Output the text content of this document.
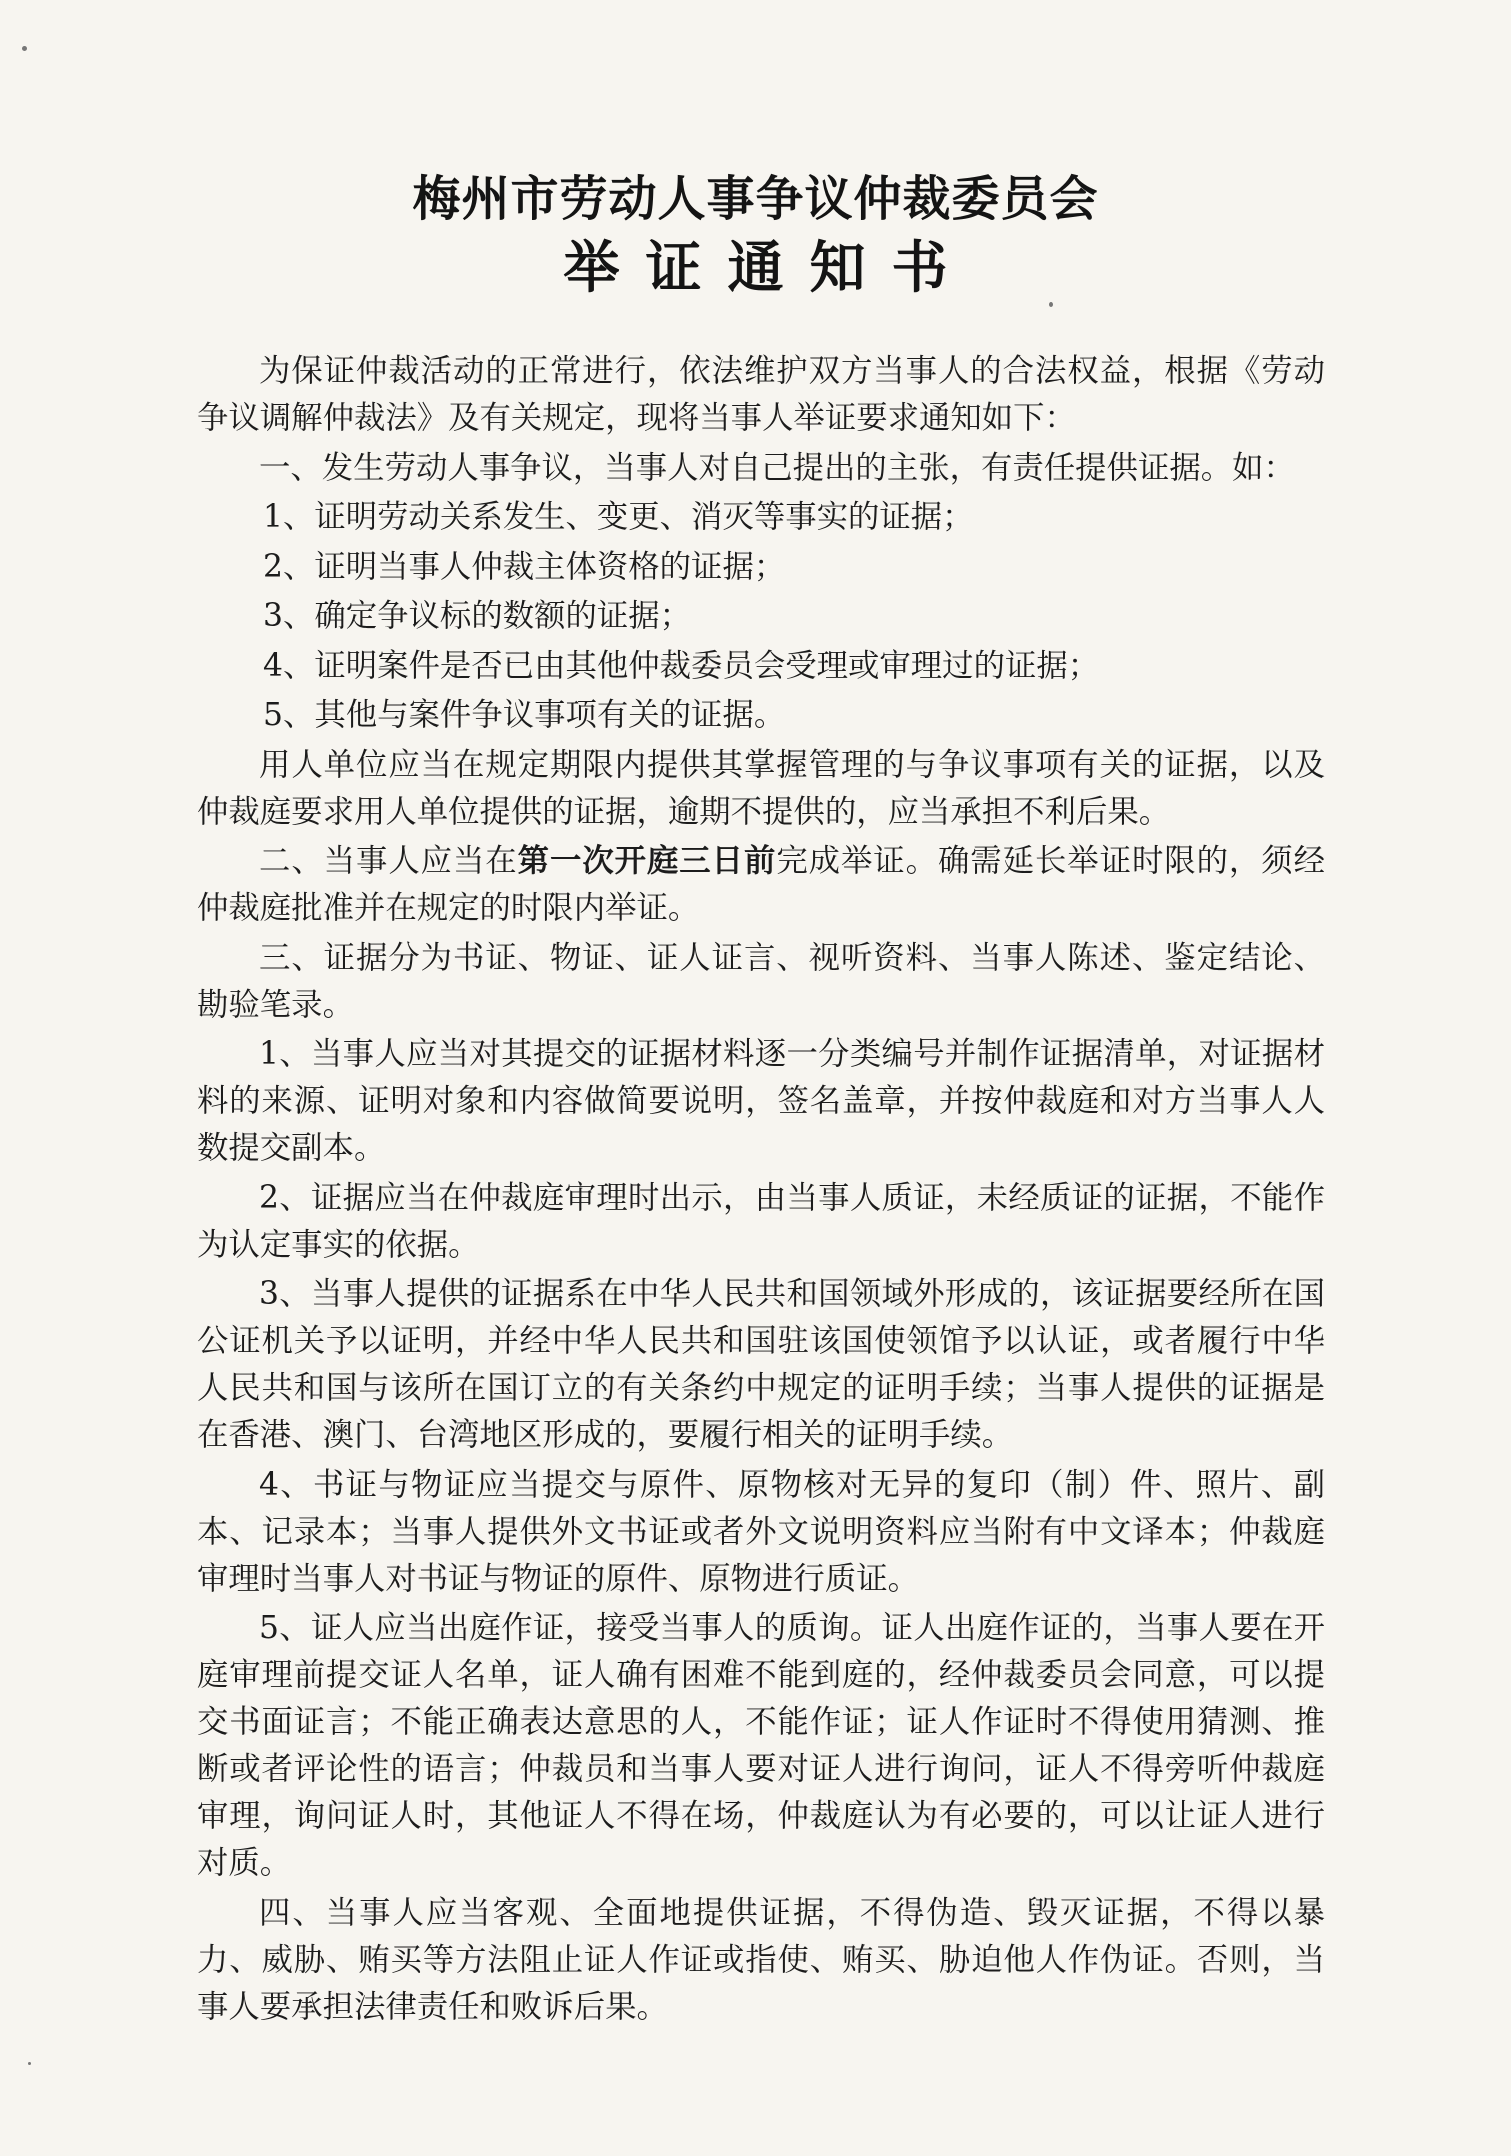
梅州市劳动人事争议仲裁委员会
举证通知书

为保证仲裁活动的正常进行，依法维护双方当事人的合法权益，根据《劳动争议调解仲裁法》及有关规定，现将当事人举证要求通知如下：

一、发生劳动人事争议，当事人对自己提出的主张，有责任提供证据。如：

1、证明劳动关系发生、变更、消灭等事实的证据；

2、证明当事人仲裁主体资格的证据；

3、确定争议标的数额的证据；

4、证明案件是否已由其他仲裁委员会受理或审理过的证据；

5、其他与案件争议事项有关的证据。

用人单位应当在规定期限内提供其掌握管理的与争议事项有关的证据，以及仲裁庭要求用人单位提供的证据，逾期不提供的，应当承担不利后果。

二、当事人应当在第一次开庭三日前完成举证。确需延长举证时限的，须经仲裁庭批准并在规定的时限内举证。

三、证据分为书证、物证、证人证言、视听资料、当事人陈述、鉴定结论、勘验笔录。

1、当事人应当对其提交的证据材料逐一分类编号并制作证据清单，对证据材料的来源、证明对象和内容做简要说明，签名盖章，并按仲裁庭和对方当事人人数提交副本。

2、证据应当在仲裁庭审理时出示，由当事人质证，未经质证的证据，不能作为认定事实的依据。

3、当事人提供的证据系在中华人民共和国领域外形成的，该证据要经所在国公证机关予以证明，并经中华人民共和国驻该国使领馆予以认证，或者履行中华人民共和国与该所在国订立的有关条约中规定的证明手续；当事人提供的证据是在香港、澳门、台湾地区形成的，要履行相关的证明手续。

4、书证与物证应当提交与原件、原物核对无异的复印（制）件、照片、副本、记录本；当事人提供外文书证或者外文说明资料应当附有中文译本；仲裁庭审理时当事人对书证与物证的原件、原物进行质证。

5、证人应当出庭作证，接受当事人的质询。证人出庭作证的，当事人要在开庭审理前提交证人名单，证人确有困难不能到庭的，经仲裁委员会同意，可以提交书面证言；不能正确表达意思的人，不能作证；证人作证时不得使用猜测、推断或者评论性的语言；仲裁员和当事人要对证人进行询问，证人不得旁听仲裁庭审理，询问证人时，其他证人不得在场，仲裁庭认为有必要的，可以让证人进行对质。

四、当事人应当客观、全面地提供证据，不得伪造、毁灭证据，不得以暴力、威胁、贿买等方法阻止证人作证或指使、贿买、胁迫他人作伪证。否则，当事人要承担法律责任和败诉后果。
